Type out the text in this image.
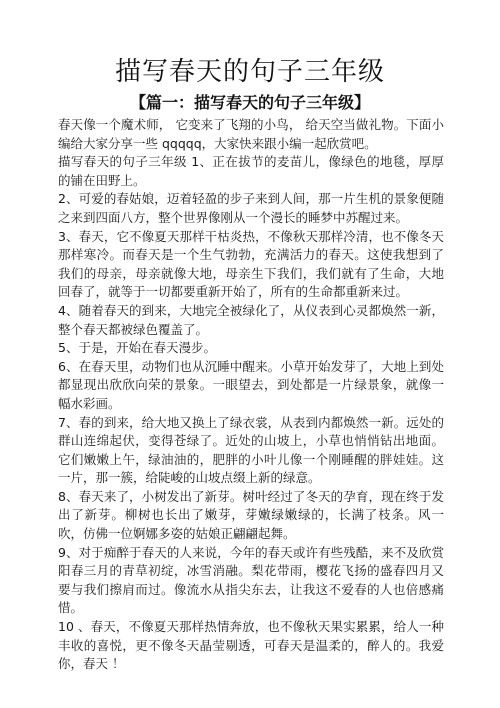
描写春天的句子三年级
【篇一：描写春天的句子三年级】

春天像一个魔术师， 它变来了飞翔的小鸟， 给天空当做礼物。下面小编给大家分享一些 qqqqq，大家快来跟小编一起欣赏吧。

描写春天的句子三年级 1、正在拔节的麦苗儿，像绿色的地毯，厚厚的铺在田野上。

2、可爱的春姑娘，迈着轻盈的步子来到人间，那一片生机的景象便随之来到四面八方，整个世界像刚从一个漫长的睡梦中苏醒过来。

3、春天，它不像夏天那样干枯炎热，不像秋天那样冷清，也不像冬天那样寒冷。而春天是一个生气勃勃，充满活力的春天。这使我想到了我们的母亲，母亲就像大地，母亲生下我们，我们就有了生命，大地回春了，就等于一切都要重新开始了，所有的生命都重新来过。

4、随着春天的到来，大地完全被绿化了，从仪表到心灵都焕然一新，整个春天都被绿色覆盖了。

5、于是，开始在春天漫步。

6、在春天里，动物们也从沉睡中醒来。小草开始发芽了，大地上到处都显现出欣欣向荣的景象。一眼望去，到处都是一片绿景象，就像一幅水彩画。

7、春的到来，给大地又换上了绿衣裳，从表到内都焕然一新。远处的群山连绵起伏，变得苍绿了。近处的山坡上，小草也悄悄钻出地面。它们嫩嫩上午，绿油油的，肥胖的小叶儿像一个刚睡醒的胖娃娃。这一片，那一簇，给陡峻的山坡点缀上新的绿意。

8、春天来了，小树发出了新芽。树叶经过了冬天的孕育，现在终于发出了新芽。柳树也长出了嫩芽，芽嫩绿嫩绿的，长满了枝条。风一吹，仿佛一位婀娜多姿的姑娘正翩翩起舞。

9、对于痴醉于春天的人来说，今年的春天或许有些残酷，来不及欣赏阳春三月的青草初绽，冰雪消融。梨花带雨，樱花飞扬的盛春四月又要与我们擦肩而过。像流水从指尖东去，让我这不爱春的人也倍感痛惜。

10 、春天，不像夏天那样热情奔放，也不像秋天果实累累，给人一种丰收的喜悦，更不像冬天晶莹剔透，可春天是温柔的，醉人的。我爱你，春天 ！
